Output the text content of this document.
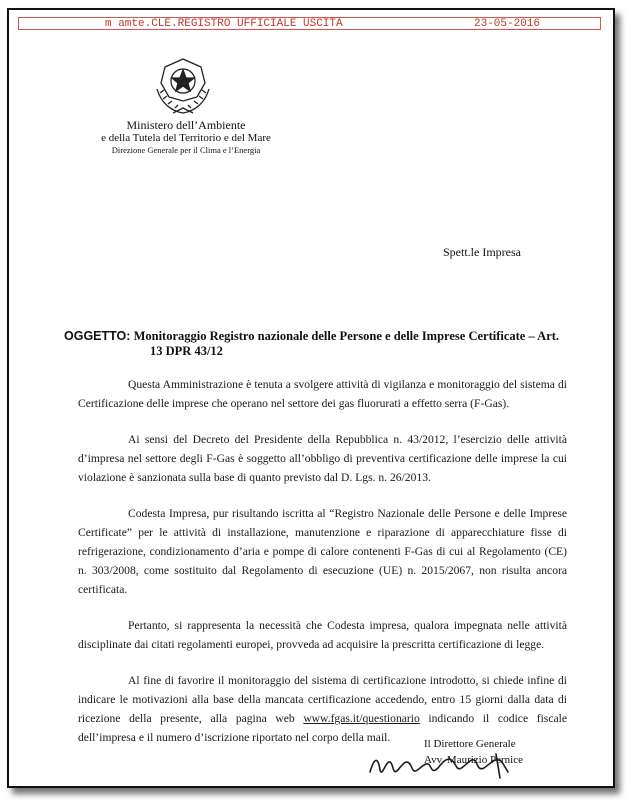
m amte.CLE.REGISTRO UFFICIALE USCITA	23-05-2016
Ministero dell’Ambiente
e della Tutela del Territorio e del Mare
Direzione Generale per il Clima e l’Energia
Spett.le Impresa
OGGETTO: Monitoraggio Registro nazionale delle Persone e delle Imprese Certificate – Art.
13 DPR 43/12

Questa Amministrazione è tenuta a svolgere attività di vigilanza e monitoraggio del sistema di Certificazione delle imprese che operano nel settore dei gas fluorurati a effetto serra (F-Gas).

Ai sensi del Decreto del Presidente della Repubblica n. 43/2012, l’esercizio delle attività d’impresa nel settore degli F-Gas è soggetto all’obbligo di preventiva certificazione delle imprese la cui violazione è sanzionata sulla base di quanto previsto dal D. Lgs. n. 26/2013.

Codesta Impresa, pur risultando iscritta al “Registro Nazionale delle Persone e delle Imprese Certificate” per le attività di installazione, manutenzione e riparazione di apparecchiature fisse di refrigerazione, condizionamento d’aria e pompe di calore contenenti F-Gas di cui al Regolamento (CE) n. 303/2008, come sostituito dal Regolamento di esecuzione (UE) n. 2015/2067, non risulta ancora certificata.

Pertanto, si rappresenta la necessità che Codesta impresa, qualora impegnata nelle attività disciplinate dai citati regolamenti europei, provveda ad acquisire la prescritta certificazione di legge.

Al fine di favorire il monitoraggio del sistema di certificazione introdotto, si chiede infine di indicare le motivazioni alla base della mancata certificazione accedendo, entro 15 giorni dalla data di ricezione della presente, alla pagina web www.fgas.it/questionario indicando il codice fiscale dell’impresa e il numero d’iscrizione riportato nel corpo della mail.	Il Direttore Generale
Avv. Maurizio Pernice
